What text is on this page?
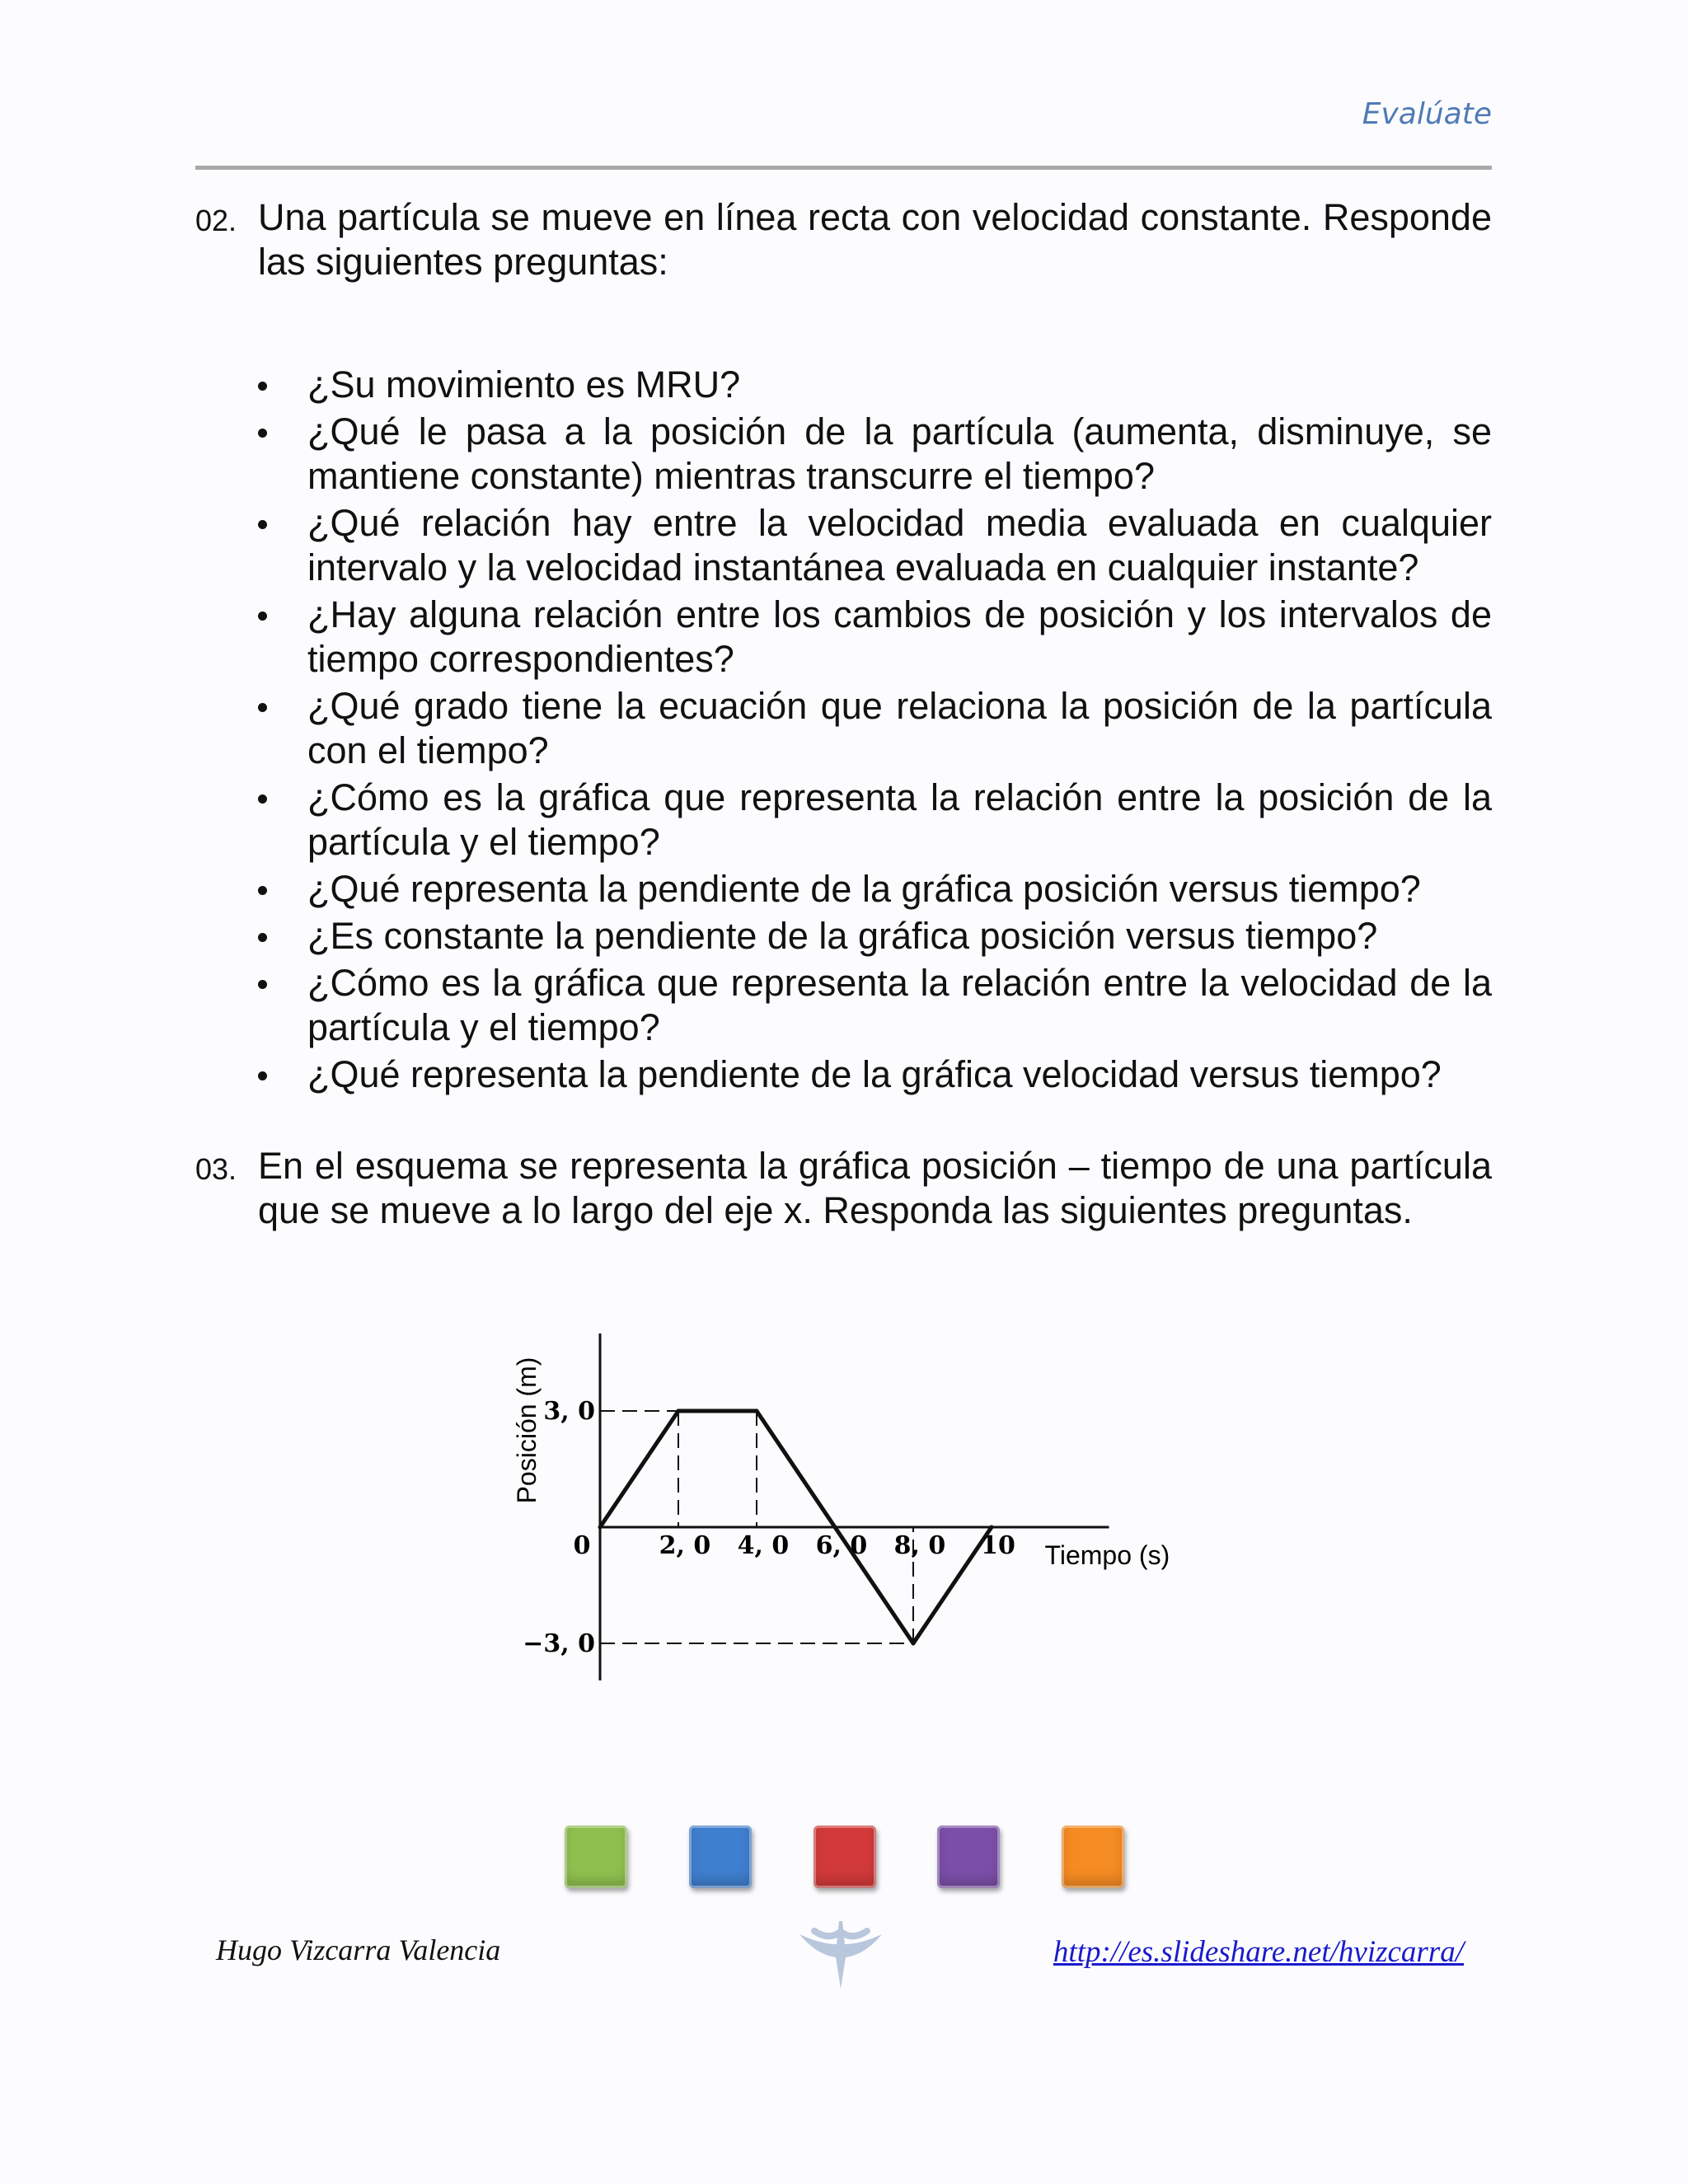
Evalúate
02. Una partícula se mueve en línea recta con velocidad constante. Responde las siguientes preguntas:
¿Su movimiento es MRU?
¿Qué le pasa a la posición de la partícula (aumenta, disminuye, se mantiene constante) mientras transcurre el tiempo?
¿Qué relación hay entre la velocidad media evaluada en cualquier intervalo y la velocidad instantánea evaluada en cualquier instante?
¿Hay alguna relación entre los cambios de posición y los intervalos de tiempo correspondientes?
¿Qué grado tiene la ecuación que relaciona la posición de la partícula con el tiempo?
¿Cómo es la gráfica que representa la relación entre la posición de la partícula y el tiempo?
¿Qué representa la pendiente de la gráfica posición versus tiempo?
¿Es constante la pendiente de la gráfica posición versus tiempo?
¿Cómo es la gráfica que representa la relación entre la velocidad de la partícula y el tiempo?
¿Qué representa la pendiente de la gráfica velocidad versus tiempo?
03. En el esquema se representa la gráfica posición – tiempo de una partícula que se mueve a lo largo del eje x. Responda las siguientes preguntas.
0	2, 0 4, 0 6, 0 8, 0 10
3, 0
−3, 0
Tiempo (s)
Posición (m)
Hugo Vizcarra Valencia	http://es.slideshare.net/hvizcarra/
